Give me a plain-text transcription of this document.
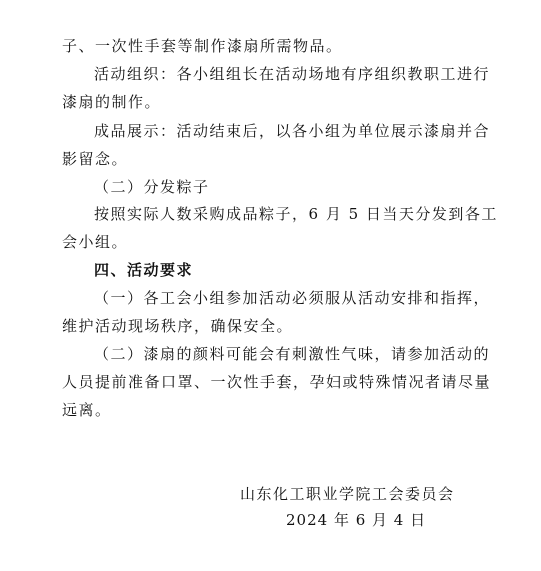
子、一次性手套等制作漆扇所需物品。
活动组织：各小组组长在活动场地有序组织教职工进行
漆扇的制作。
成品展示：活动结束后，以各小组为单位展示漆扇并合
影留念。
（二）分发粽子
按照实际人数采购成品粽子，6 月 5 日当天分发到各工
会小组。
四、活动要求
（一）各工会小组参加活动必须服从活动安排和指挥，
维护活动现场秩序，确保安全。
（二）漆扇的颜料可能会有刺激性气味，请参加活动的
人员提前准备口罩、一次性手套，孕妇或特殊情况者请尽量
远离。
山东化工职业学院工会委员会
2024 年 6 月 4 日
